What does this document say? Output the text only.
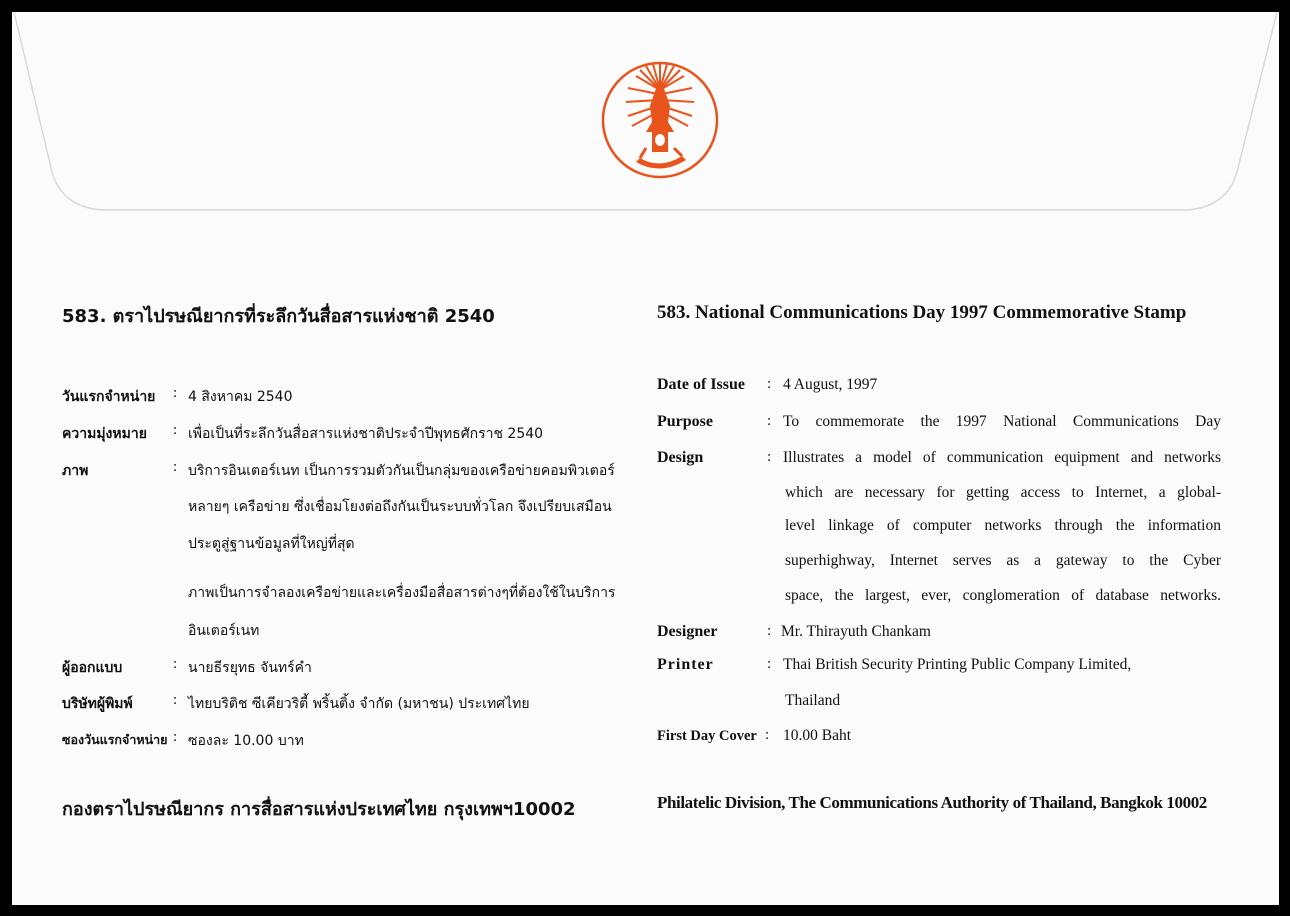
583. ตราไปรษณียากรที่ระลึกวันสื่อสารแห่งชาติ 2540
วันแรกจำหน่าย : 4 สิงหาคม 2540
ความมุ่งหมาย : เพื่อเป็นที่ระลึกวันสื่อสารแห่งชาติประจำปีพุทธศักราช 2540
ภาพ	: บริการอินเตอร์เนท เป็นการรวมตัวกันเป็นกลุ่มของเครือข่ายคอมพิวเตอร์
หลายๆ เครือข่าย ซึ่งเชื่อมโยงต่อถึงกันเป็นระบบทั่วโลก จึงเปรียบเสมือน
ประตูสู่ฐานข้อมูลที่ใหญ่ที่สุด
ภาพเป็นการจำลองเครือข่ายและเครื่องมือสื่อสารต่างๆที่ต้องใช้ในบริการ
อินเตอร์เนท
ผู้ออกแบบ	: นายธีรยุทธ จันทร์คำ
บริษัทผู้พิมพ์	: ไทยบริติช ซีเคียวริตี้ พริ้นติ้ง จำกัด (มหาชน) ประเทศไทย
ซองวันแรกจำหน่าย : ซองละ 10.00 บาท
กองตราไปรษณียากร การสื่อสารแห่งประเทศไทย กรุงเทพฯ10002
583. National Communications Day 1997 Commemorative Stamp
Date of Issue : 4 August, 1997
Purpose	: To commemorate the 1997 National Communications Day
Design	: Illustrates a model of communication equipment and networks
which are necessary for getting access to Internet, a global-
level linkage of computer networks through the information
superhighway, Internet serves as a gateway to the Cyber
space, the largest, ever, conglomeration of database networks.
Designer	: Mr. Thirayuth Chankam
Printer	: Thai British Security Printing Public Company Limited,
Thailand
First Day Cover : 10.00 Baht
Philatelic Division, The Communications Authority of Thailand, Bangkok 10002
